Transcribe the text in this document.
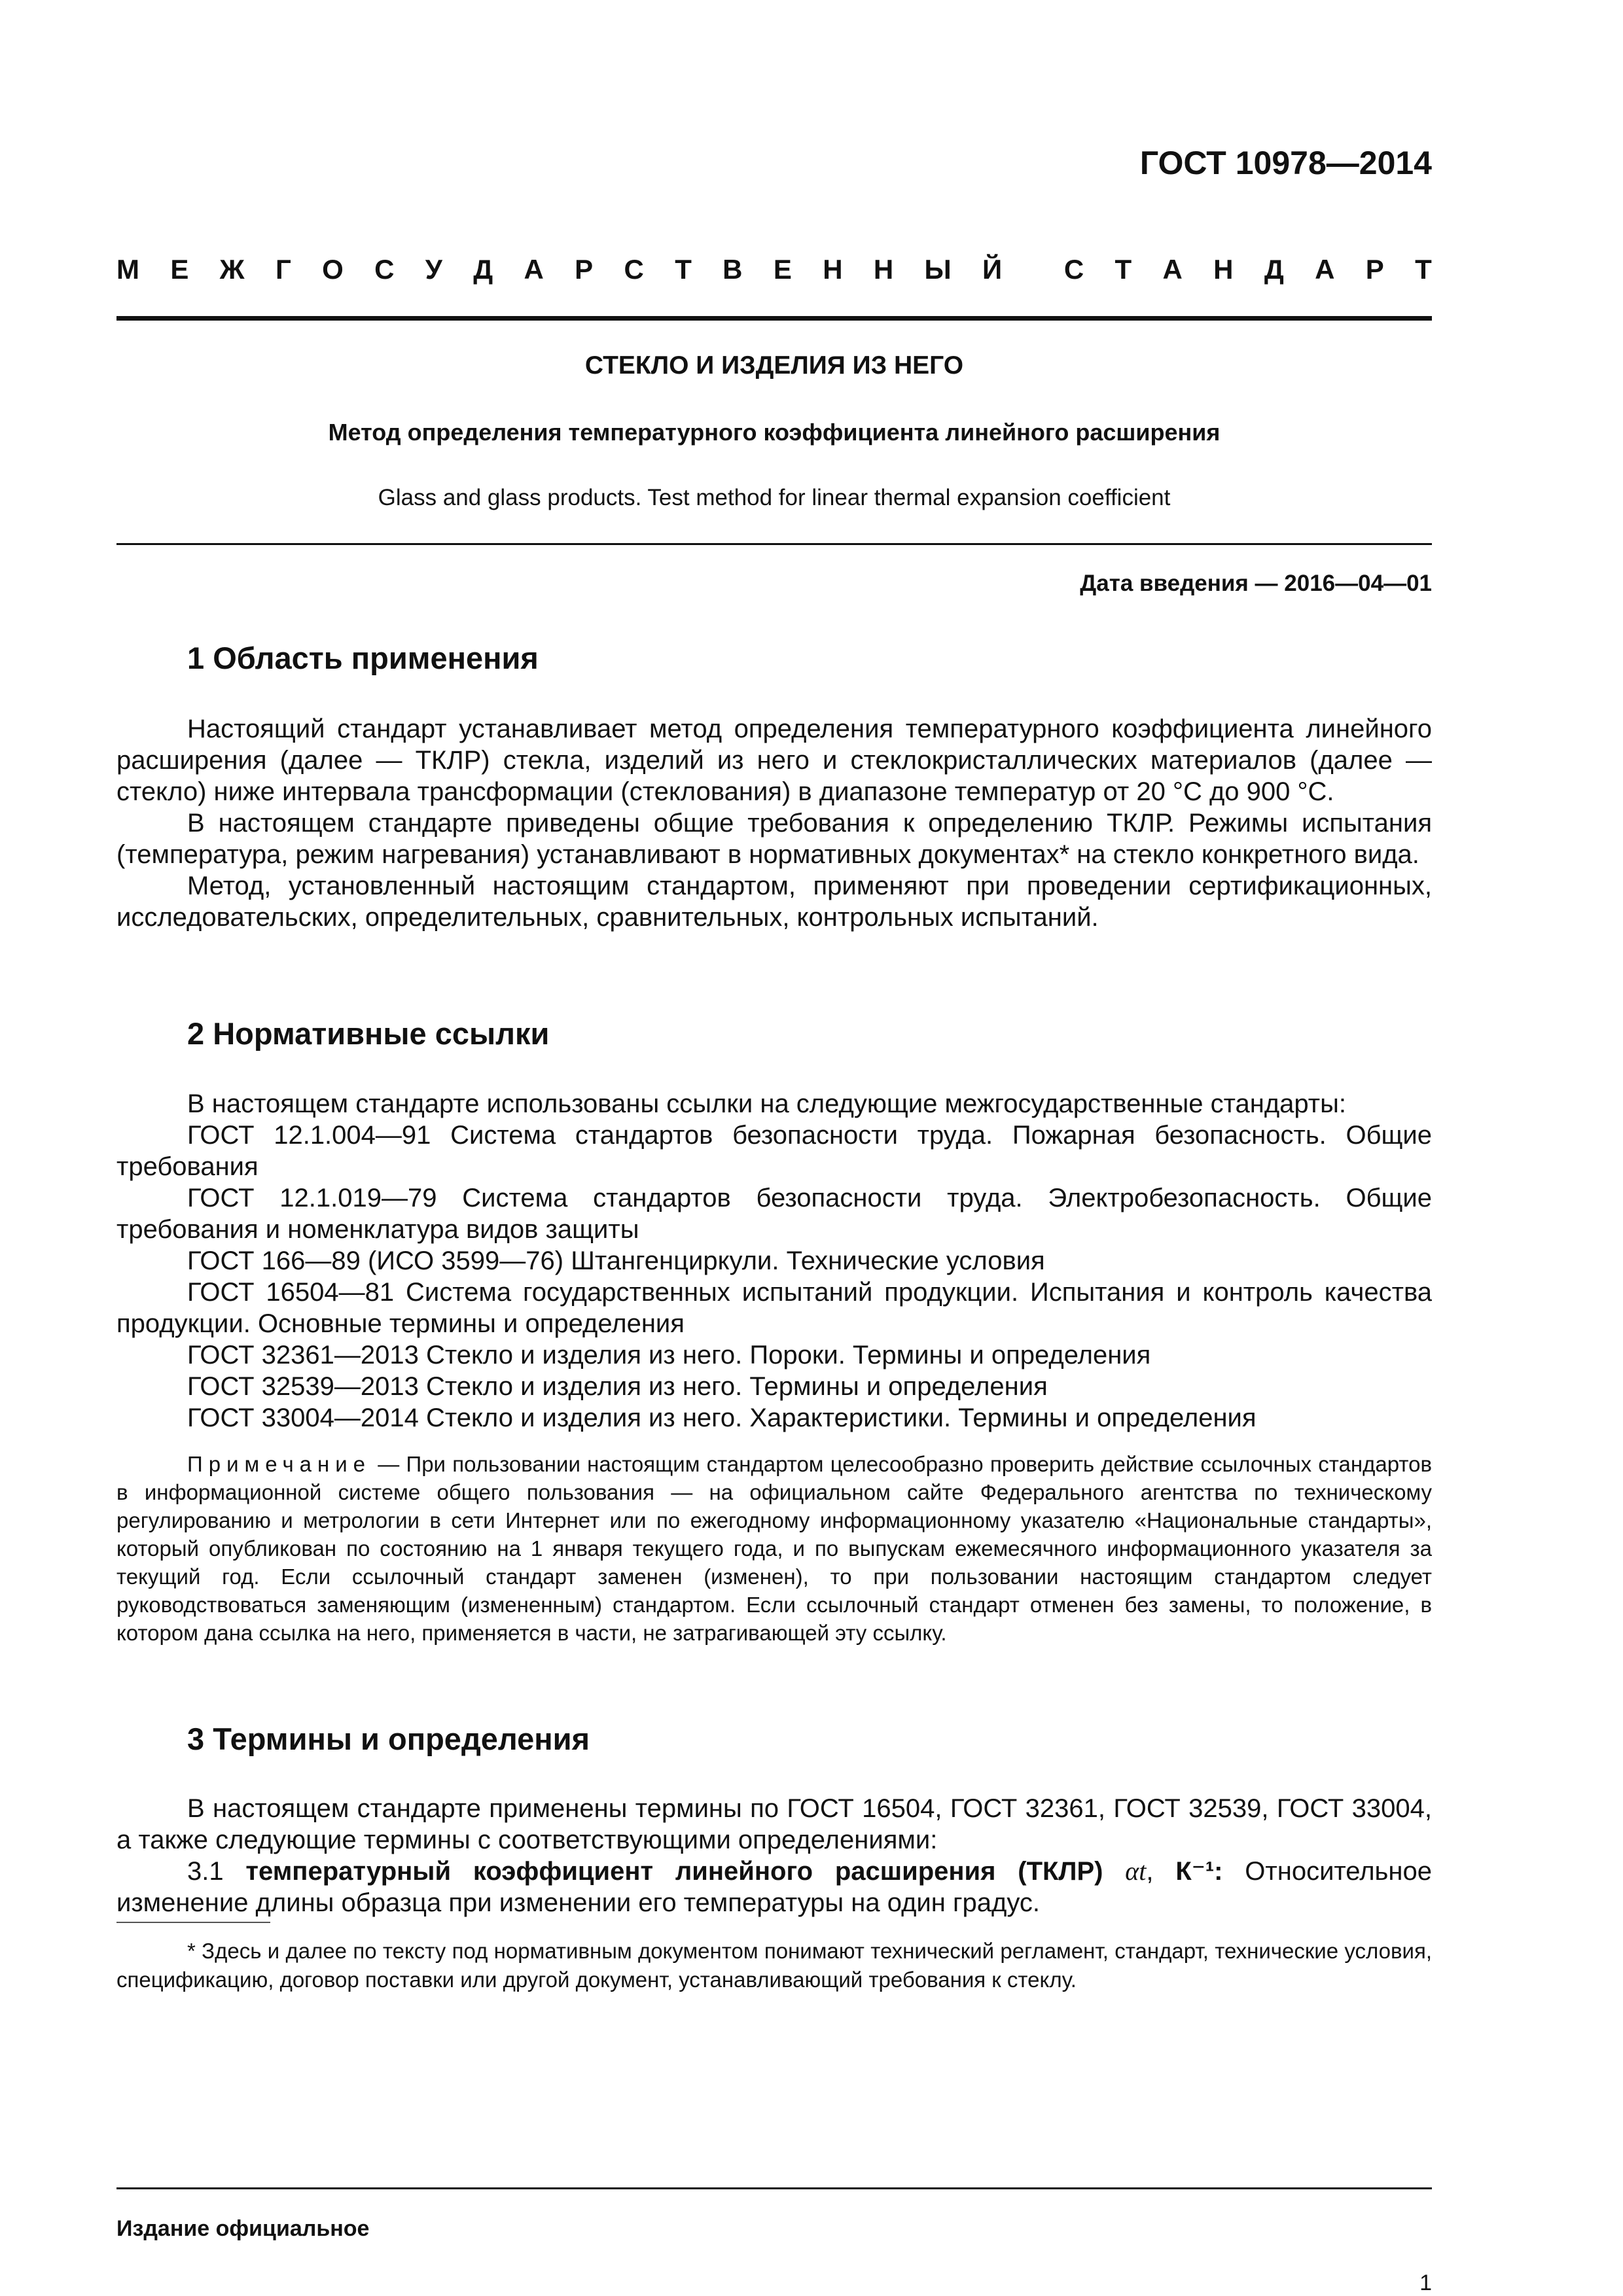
ГОСТ 10978—2014
М Е Ж Г О С У Д А Р С Т В Е Н Н Ы Й С Т А Н Д А Р Т
СТЕКЛО И ИЗДЕЛИЯ ИЗ НЕГО
Метод определения температурного коэффициента линейного расширения
Glass and glass products. Test method for linear thermal expansion coefficient
Дата введения — 2016—04—01
1 Область применения

Настоящий стандарт устанавливает метод определения температурного коэффициента линейного расширения (далее — ТКЛР) стекла, изделий из него и стеклокристаллических материалов (далее — стекло) ниже интервала трансформации (стеклования) в диапазоне температур от 20 °С до 900 °С.

В настоящем стандарте приведены общие требования к определению ТКЛР. Режимы испытания (температура, режим нагревания) устанавливают в нормативных документах* на стекло конкретного вида.

Метод, установленный настоящим стандартом, применяют при проведении сертификационных, исследовательских, определительных, сравнительных, контрольных испытаний.

2 Нормативные ссылки

В настоящем стандарте использованы ссылки на следующие межгосударственные стандарты:

ГОСТ 12.1.004—91 Система стандартов безопасности труда. Пожарная безопасность. Общие требования

ГОСТ 12.1.019—79 Система стандартов безопасности труда. Электробезопасность. Общие требования и номенклатура видов защиты

ГОСТ 166—89 (ИСО 3599—76) Штангенциркули. Технические условия

ГОСТ 16504—81 Система государственных испытаний продукции. Испытания и контроль качества продукции. Основные термины и определения

ГОСТ 32361—2013 Стекло и изделия из него. Пороки. Термины и определения

ГОСТ 32539—2013 Стекло и изделия из него. Термины и определения

ГОСТ 33004—2014 Стекло и изделия из него. Характеристики. Термины и определения

Примечание — При пользовании настоящим стандартом целесообразно проверить действие ссылочных стандартов в информационной системе общего пользования — на официальном сайте Федерального агентства по техническому регулированию и метрологии в сети Интернет или по ежегодному информационному указателю «Национальные стандарты», который опубликован по состоянию на 1 января текущего года, и по выпускам ежемесячного информационного указателя за текущий год. Если ссылочный стандарт заменен (изменен), то при пользовании настоящим стандартом следует руководствоваться заменяющим (измененным) стандартом. Если ссылочный стандарт отменен без замены, то положение, в котором дана ссылка на него, применяется в части, не затрагивающей эту ссылку.

3 Термины и определения

В настоящем стандарте применены термины по ГОСТ 16504, ГОСТ 32361, ГОСТ 32539, ГОСТ 33004, а также следующие термины с соответствующими определениями:

3.1 температурный коэффициент линейного расширения (ТКЛР) αt, К⁻¹: Относительное изменение длины образца при изменении его температуры на один градус.

* Здесь и далее по тексту под нормативным документом понимают технический регламент, стандарт, технические условия, спецификацию, договор поставки или другой документ, устанавливающий требования к стеклу.

Издание официальное
1
